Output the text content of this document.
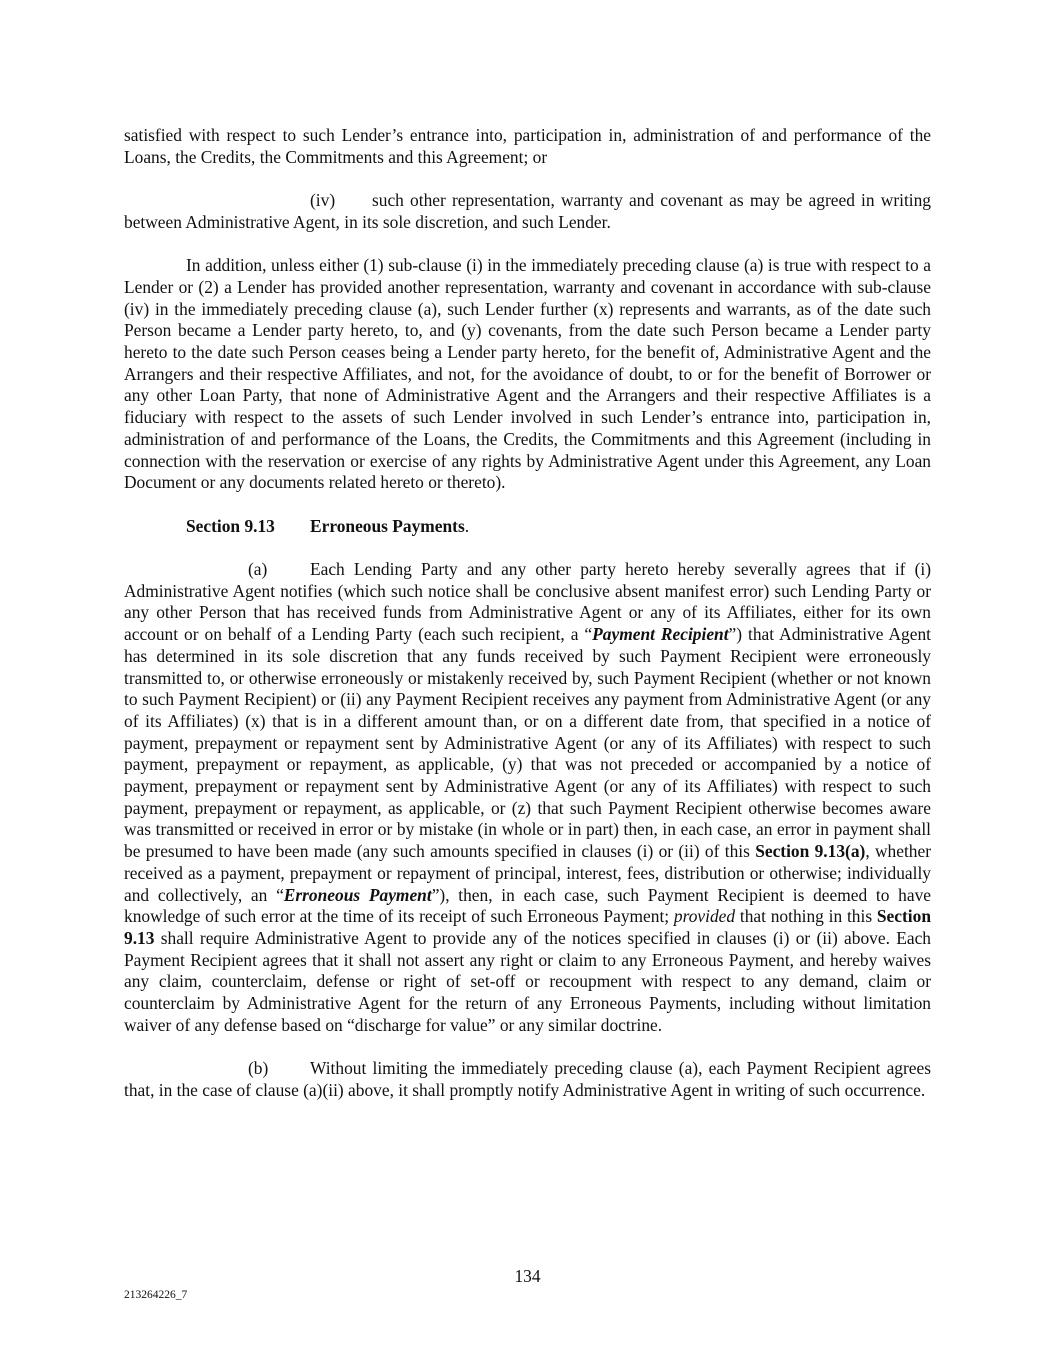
satisfied with respect to such Lender’s entrance into, participation in, administration of and performance of the Loans, the Credits, the Commitments and this Agreement; or

(iv) such other representation, warranty and covenant as may be agreed in writing between Administrative Agent, in its sole discretion, and such Lender.

In addition, unless either (1) sub-clause (i) in the immediately preceding clause (a) is true with respect to a Lender or (2) a Lender has provided another representation, warranty and covenant in accordance with sub-clause (iv) in the immediately preceding clause (a), such Lender further (x) represents and warrants, as of the date such Person became a Lender party hereto, to, and (y) covenants, from the date such Person became a Lender party hereto to the date such Person ceases being a Lender party hereto, for the benefit of, Administrative Agent and the Arrangers and their respective Affiliates, and not, for the avoidance of doubt, to or for the benefit of Borrower or any other Loan Party, that none of Administrative Agent and the Arrangers and their respective Affiliates is a fiduciary with respect to the assets of such Lender involved in such Lender’s entrance into, participation in, administration of and performance of the Loans, the Credits, the Commitments and this Agreement (including in connection with the reservation or exercise of any rights by Administrative Agent under this Agreement, any Loan Document or any documents related hereto or thereto).

Section 9.13 Erroneous Payments.

(a) Each Lending Party and any other party hereto hereby severally agrees that if (i) Administrative Agent notifies (which such notice shall be conclusive absent manifest error) such Lending Party or any other Person that has received funds from Administrative Agent or any of its Affiliates, either for its own account or on behalf of a Lending Party (each such recipient, a “Payment Recipient”) that Administrative Agent has determined in its sole discretion that any funds received by such Payment Recipient were erroneously transmitted to, or otherwise erroneously or mistakenly received by, such Payment Recipient (whether or not known to such Payment Recipient) or (ii) any Payment Recipient receives any payment from Administrative Agent (or any of its Affiliates) (x) that is in a different amount than, or on a different date from, that specified in a notice of payment, prepayment or repayment sent by Administrative Agent (or any of its Affiliates) with respect to such payment, prepayment or repayment, as applicable, (y) that was not preceded or accompanied by a notice of payment, prepayment or repayment sent by Administrative Agent (or any of its Affiliates) with respect to such payment, prepayment or repayment, as applicable, or (z) that such Payment Recipient otherwise becomes aware was transmitted or received in error or by mistake (in whole or in part) then, in each case, an error in payment shall be presumed to have been made (any such amounts specified in clauses (i) or (ii) of this Section 9.13(a), whether received as a payment, prepayment or repayment of principal, interest, fees, distribution or otherwise; individually and collectively, an “Erroneous Payment”), then, in each case, such Payment Recipient is deemed to have knowledge of such error at the time of its receipt of such Erroneous Payment; provided that nothing in this Section 9.13 shall require Administrative Agent to provide any of the notices specified in clauses (i) or (ii) above. Each Payment Recipient agrees that it shall not assert any right or claim to any Erroneous Payment, and hereby waives any claim, counterclaim, defense or right of set-off or recoupment with respect to any demand, claim or counterclaim by Administrative Agent for the return of any Erroneous Payments, including without limitation waiver of any defense based on “discharge for value” or any similar doctrine.

(b) Without limiting the immediately preceding clause (a), each Payment Recipient agrees that, in the case of clause (a)(ii) above, it shall promptly notify Administrative Agent in writing of such occurrence.

134
213264226_7
